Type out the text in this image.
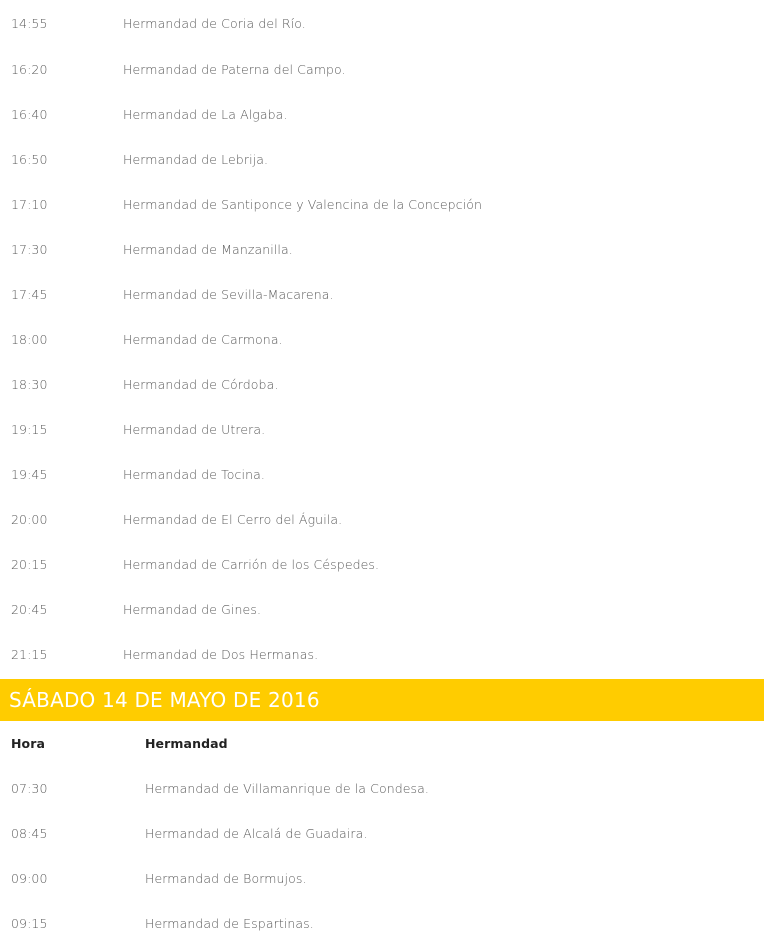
14:55	Hermandad de Coria del Río.
16:20	Hermandad de Paterna del Campo.
16:40	Hermandad de La Algaba.
16:50	Hermandad de Lebrija.
17:10	Hermandad de Santiponce y Valencina de la Concepción
17:30	Hermandad de Manzanilla.
17:45	Hermandad de Sevilla-Macarena.
18:00	Hermandad de Carmona.
18:30	Hermandad de Córdoba.
19:15	Hermandad de Utrera.
19:45	Hermandad de Tocina.
20:00	Hermandad de El Cerro del Águila.
20:15	Hermandad de Carrión de los Céspedes.
20:45	Hermandad de Gines.
21:15	Hermandad de Dos Hermanas.
SÁBADO 14 DE MAYO DE 2016
Hora	Hermandad
07:30	Hermandad de Villamanrique de la Condesa.
08:45	Hermandad de Alcalá de Guadaira.
09:00	Hermandad de Bormujos.
09:15	Hermandad de Espartinas.
